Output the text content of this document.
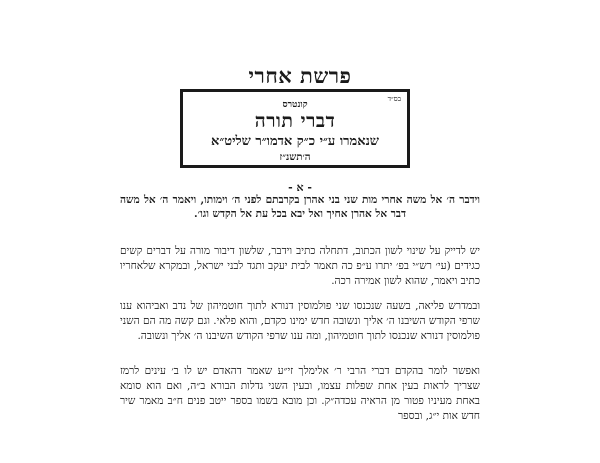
פרשת אחרי
בס״ד
קונטרס
דברי תורה
שנאמרו ע״י כ״ק אדמו״ר שליט״א
ה׳תשנ״ז
- א -
וידבר ה׳ אל משה אחרי מות שני בני אהרן בקרבתם לפני ה׳ וימותו, ויאמר ה׳ אל משה דבר אל אהרן אחיך ואל יבא בכל עת אל הקדש וגו׳.
יש לדייק על שינוי לשון הכתוב, דתחלה כתיב וידבר, שלשון דיבור מורה על דברים קשים כגידים (עי׳ רש״י בפ׳ יתרו ע״פ כה תאמר לבית יעקב ותגד לבני ישראל, ובמקרא שלאחריו כתיב ויאמר, שהוא לשון אמירה רכה.
ובמדרש פליאה, בשעה שנכנסו שני פולמוסין דנורא לתוך חוטמיהון של נדב ואביהוא ענו שרפי הקודש השיבנו ה׳ אליך ונשובה חדש ימינו כקדם, והוא פלאי. וגם קשה מה הם השני פולמוסין דנורא שנכנסו לתוך חוטמיהון, ומה ענו שרפי הקודש השיבנו ה׳ אליך ונשובה.
ואפשר לומר בהקדם דברי הרבי ר׳ אלימלך זי״ע שאמר דהאדם יש לו ב׳ עינים לרמז שצריך לראות בעין אחת שפלות עצמו, ובעין השני גדלות הבורא ב״ה, ואם הוא סומא באחת מעיניו פטור מן הראיה עכדה״ק. וכן מובא בשמו בספר ייטב פנים ח״ב מאמר שיר חדש אות י״ג, ובספר
